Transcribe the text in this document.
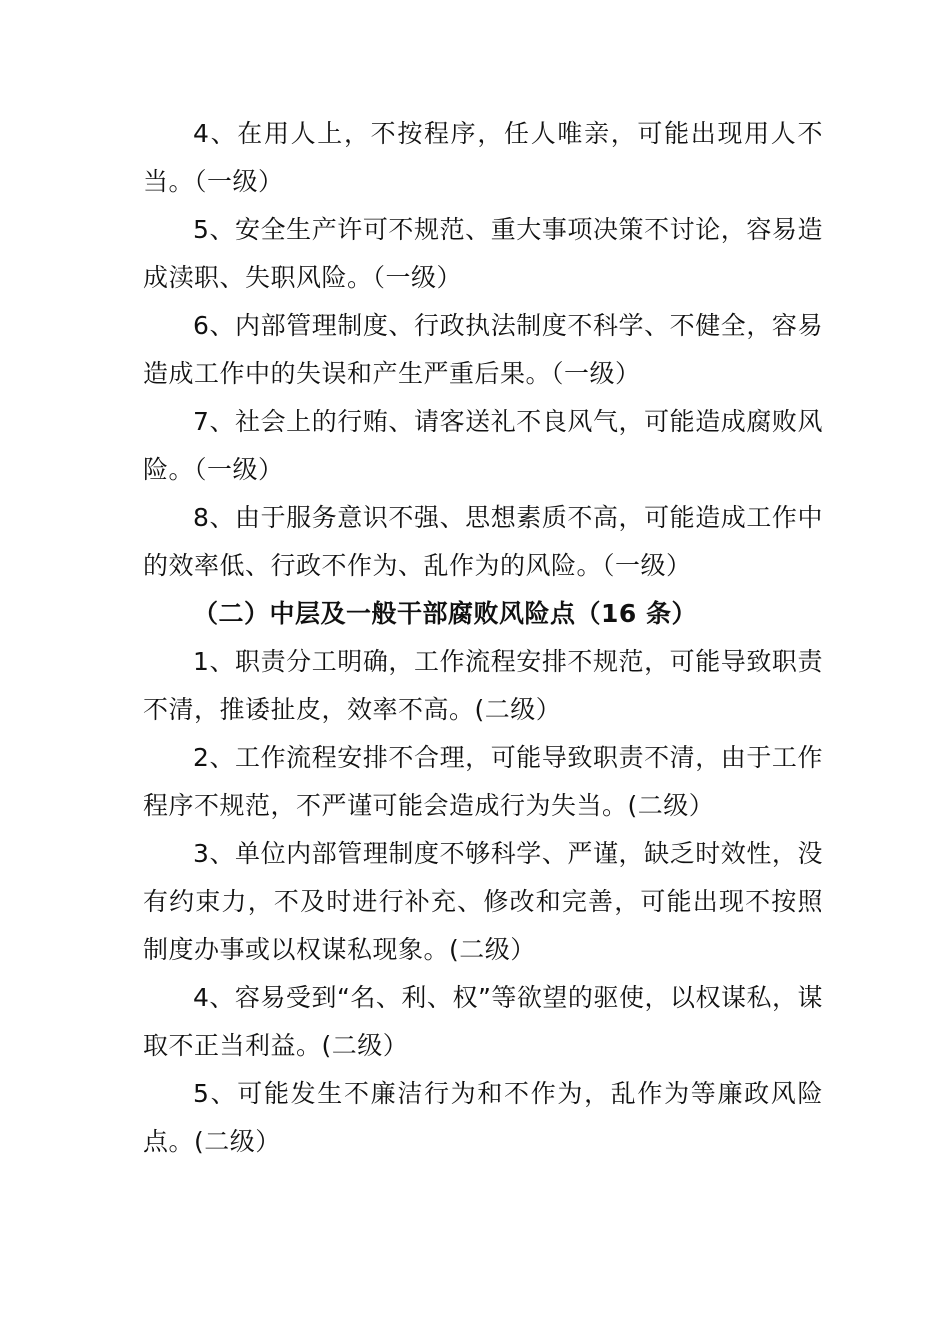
4、在用人上，不按程序，任人唯亲，可能出现用人不当。（一级）

5、安全生产许可不规范、重大事项决策不讨论，容易造成渎职、失职风险。（一级）

6、内部管理制度、行政执法制度不科学、不健全，容易造成工作中的失误和产生严重后果。（一级）

7、社会上的行贿、请客送礼不良风气，可能造成腐败风险。（一级）

8、由于服务意识不强、思想素质不高，可能造成工作中的效率低、行政不作为、乱作为的风险。（一级）

（二）中层及一般干部腐败风险点（16 条）

1、职责分工明确，工作流程安排不规范，可能导致职责不清，推诿扯皮，效率不高。(二级）

2、工作流程安排不合理，可能导致职责不清，由于工作程序不规范，不严谨可能会造成行为失当。(二级）

3、单位内部管理制度不够科学、严谨，缺乏时效性，没有约束力，不及时进行补充、修改和完善，可能出现不按照制度办事或以权谋私现象。(二级）

4、容易受到“名、利、权”等欲望的驱使，以权谋私，谋取不正当利益。(二级）

5、可能发生不廉洁行为和不作为，乱作为等廉政风险点。(二级）
